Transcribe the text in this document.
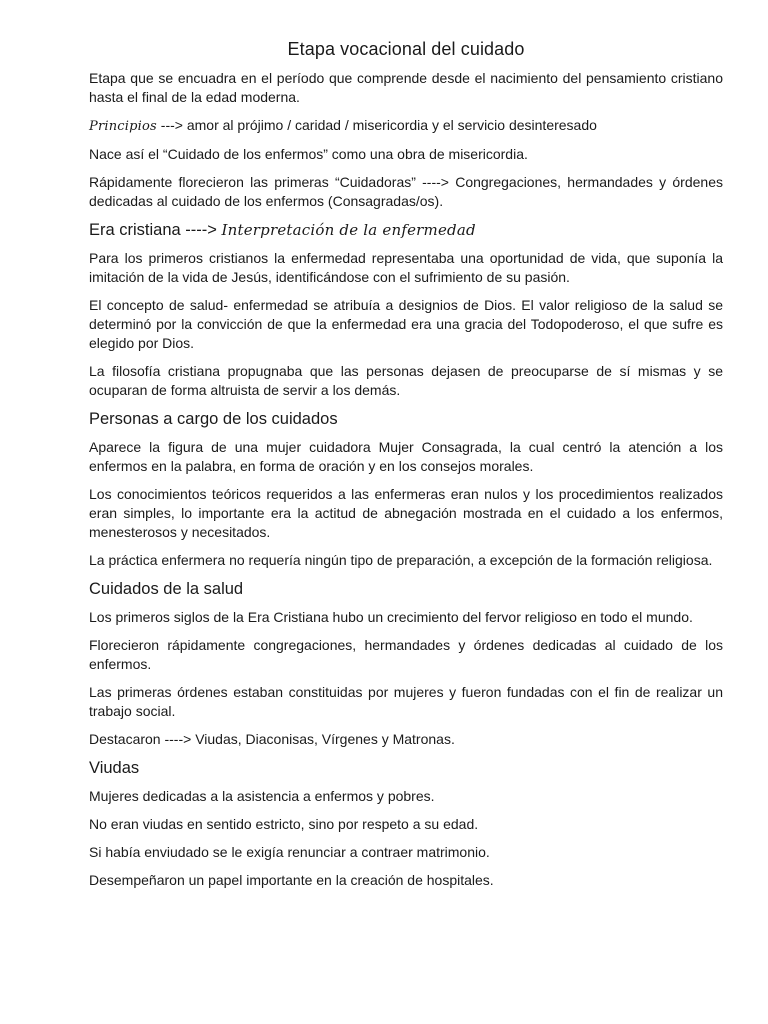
Etapa vocacional del cuidado

Etapa que se encuadra en el período que comprende desde el nacimiento del pensamiento cristiano hasta el final de la edad moderna.

Principios ---> amor al prójimo / caridad / misericordia y el servicio desinteresado

Nace así el “Cuidado de los enfermos” como una obra de misericordia.

Rápidamente florecieron las primeras “Cuidadoras” ----> Congregaciones, hermandades y órdenes dedicadas al cuidado de los enfermos (Consagradas/os).

Era cristiana ----> Interpretación de la enfermedad

Para los primeros cristianos la enfermedad representaba una oportunidad de vida, que suponía la imitación de la vida de Jesús, identificándose con el sufrimiento de su pasión.

El concepto de salud- enfermedad se atribuía a designios de Dios. El valor religioso de la salud se determinó por la convicción de que la enfermedad era una gracia del Todopoderoso, el que sufre es elegido por Dios.

La filosofía cristiana propugnaba que las personas dejasen de preocuparse de sí mismas y se ocuparan de forma altruista de servir a los demás.

Personas a cargo de los cuidados

Aparece la figura de una mujer cuidadora Mujer Consagrada, la cual centró la atención a los enfermos en la palabra, en forma de oración y en los consejos morales.

Los conocimientos teóricos requeridos a las enfermeras eran nulos y los procedimientos realizados eran simples, lo importante era la actitud de abnegación mostrada en el cuidado a los enfermos, menesterosos y necesitados.

La práctica enfermera no requería ningún tipo de preparación, a excepción de la formación religiosa.

Cuidados de la salud

Los primeros siglos de la Era Cristiana hubo un crecimiento del fervor religioso en todo el mundo.

Florecieron rápidamente congregaciones, hermandades y órdenes dedicadas al cuidado de los enfermos.

Las primeras órdenes estaban constituidas por mujeres y fueron fundadas con el fin de realizar un trabajo social.

Destacaron ----> Viudas, Diaconisas, Vírgenes y Matronas.

Viudas

Mujeres dedicadas a la asistencia a enfermos y pobres.

No eran viudas en sentido estricto, sino por respeto a su edad.

Si había enviudado se le exigía renunciar a contraer matrimonio.

Desempeñaron un papel importante en la creación de hospitales.
